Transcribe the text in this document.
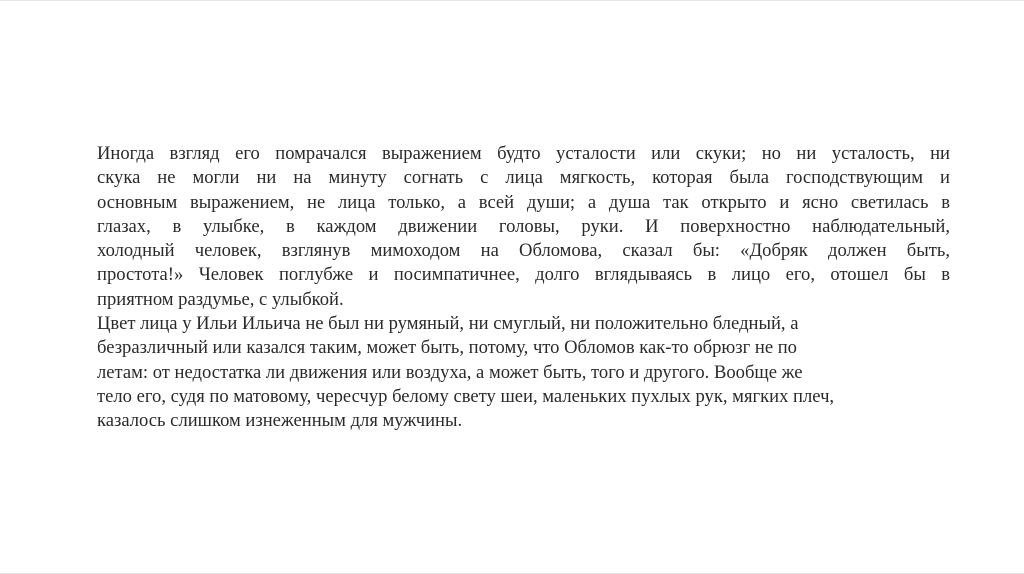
Иногда взгляд его помрачался выражением будто усталости или скуки; но ни усталость, ни
скука не могли ни на минуту согнать с лица мягкость, которая была господствующим и
основным выражением, не лица только, а всей души; а душа так открыто и ясно светилась в
глазах, в улыбке, в каждом движении головы, руки. И поверхностно наблюдательный,
холодный человек, взглянув мимоходом на Обломова, сказал бы: «Добряк должен быть,
простота!» Человек поглубже и посимпатичнее, долго вглядываясь в лицо его, отошел бы в
приятном раздумье, с улыбкой.
Цвет лица у Ильи Ильича не был ни румяный, ни смуглый, ни положительно бледный, а
безразличный или казался таким, может быть, потому, что Обломов как-то обрюзг не по
летам: от недостатка ли движения или воздуха, а может быть, того и другого. Вообще же
тело его, судя по матовому, чересчур белому свету шеи, маленьких пухлых рук, мягких плеч,
казалось слишком изнеженным для мужчины.
